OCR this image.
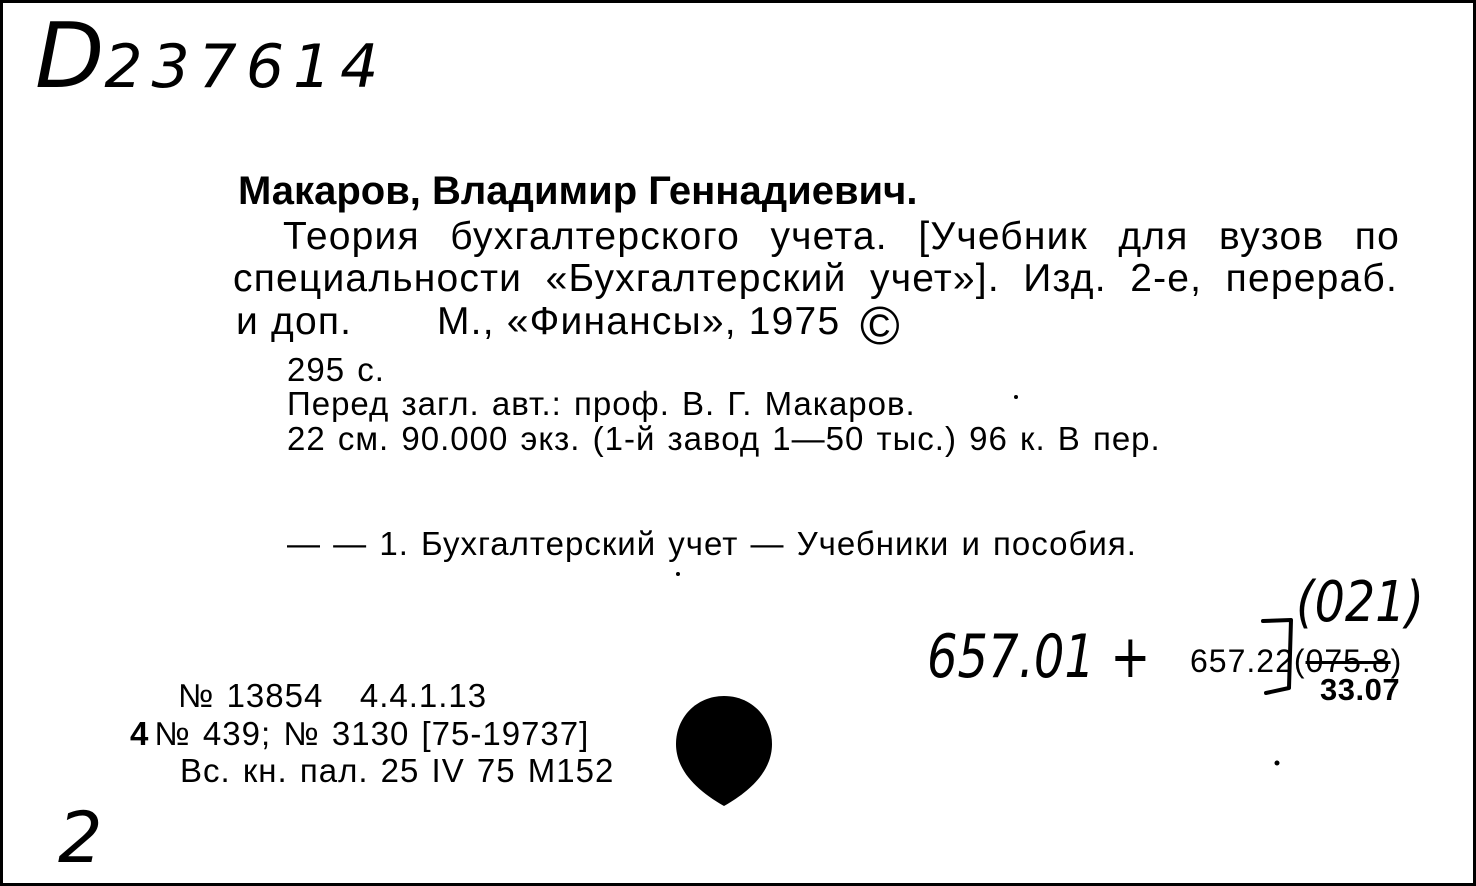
D237614
Макаров, Владимир Геннадиевич.
Теория бухгалтерского учета. [Учебник для вузов по
специальности «Бухгалтерский учет»]. Изд. 2-е, перераб.
и доп. М., «Финансы», 1975 ©
295 с.
Перед загл. авт.: проф. В. Г. Макаров.
22 см. 90.000 экз. (1-й завод 1—50 тыс.) 96 к. В пер.
— — 1. Бухгалтерский учет — Учебники и пособия.
657.01 +
(021)
657.22(075.8)
33.07
№ 13854   4.4.1.13
4 № 439; № 3130 [75-19737]
Вс. кн. пал. 25 IV 75 М152
2
